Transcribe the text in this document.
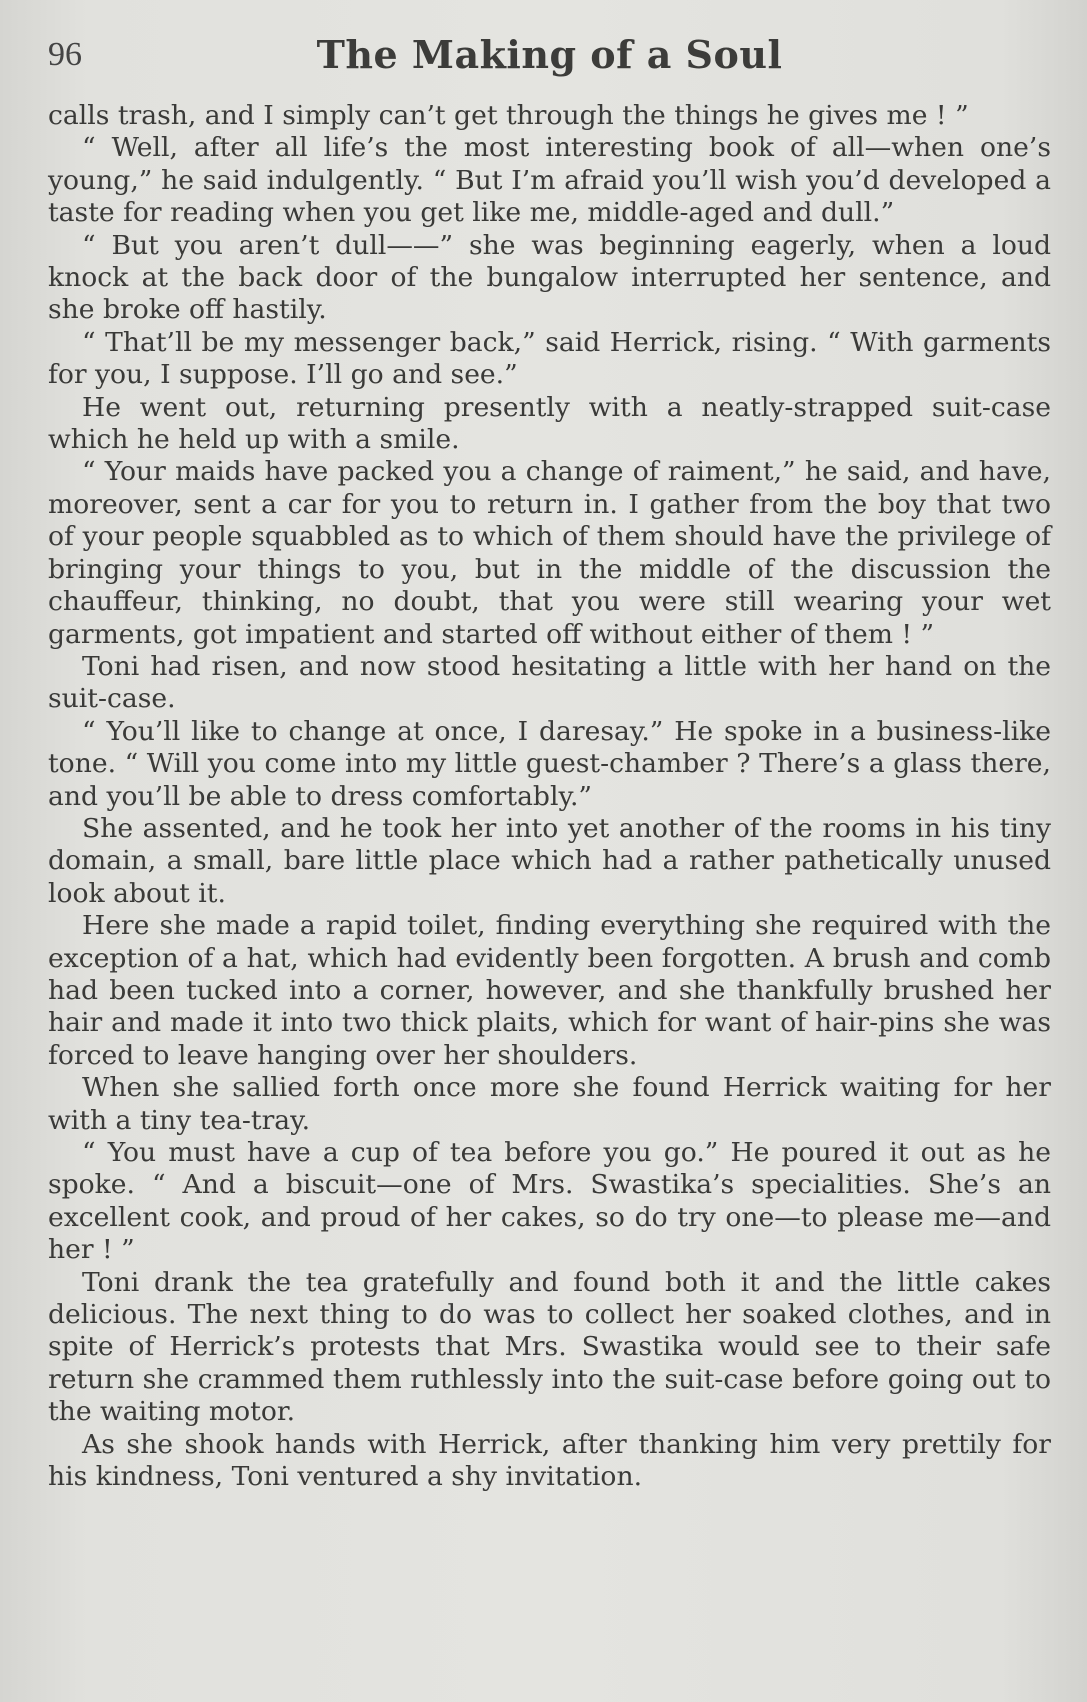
96	The Making of a Soul

calls trash, and I simply can’t get through the things he gives me ! ”

“ Well, after all life’s the most interesting book of all—when one’s young,” he said indulgently. “ But I’m afraid you’ll wish you’d developed a taste for reading when you get like me, middle-aged and dull.”

“ But you aren’t dull——” she was beginning eagerly, when a loud knock at the back door of the bungalow interrupted her sentence, and she broke off hastily.

“ That’ll be my messenger back,” said Herrick, rising. “ With garments for you, I suppose. I’ll go and see.”

He went out, returning presently with a neatly-strapped suit-case which he held up with a smile.

“ Your maids have packed you a change of raiment,” he said, and have, moreover, sent a car for you to return in. I gather from the boy that two of your people squabbled as to which of them should have the privilege of bringing your things to you, but in the middle of the discussion the chauffeur, thinking, no doubt, that you were still wearing your wet garments, got impatient and started off without either of them ! ”

Toni had risen, and now stood hesitating a little with her hand on the suit-case.

“ You’ll like to change at once, I daresay.” He spoke in a business-like tone. “ Will you come into my little guest-chamber ? There’s a glass there, and you’ll be able to dress comfortably.”

She assented, and he took her into yet another of the rooms in his tiny domain, a small, bare little place which had a rather pathetically unused look about it.

Here she made a rapid toilet, finding everything she required with the exception of a hat, which had evidently been forgotten. A brush and comb had been tucked into a corner, however, and she thankfully brushed her hair and made it into two thick plaits, which for want of hair-pins she was forced to leave hanging over her shoulders.

When she sallied forth once more she found Herrick waiting for her with a tiny tea-tray.

“ You must have a cup of tea before you go.” He poured it out as he spoke. “ And a biscuit—one of Mrs. Swastika’s specialities. She’s an excellent cook, and proud of her cakes, so do try one—to please me—and her ! ”

Toni drank the tea gratefully and found both it and the little cakes delicious. The next thing to do was to collect her soaked clothes, and in spite of Herrick’s protests that Mrs. Swastika would see to their safe return she crammed them ruthlessly into the suit-case before going out to the waiting motor.

As she shook hands with Herrick, after thanking him very prettily for his kindness, Toni ventured a shy invitation.
